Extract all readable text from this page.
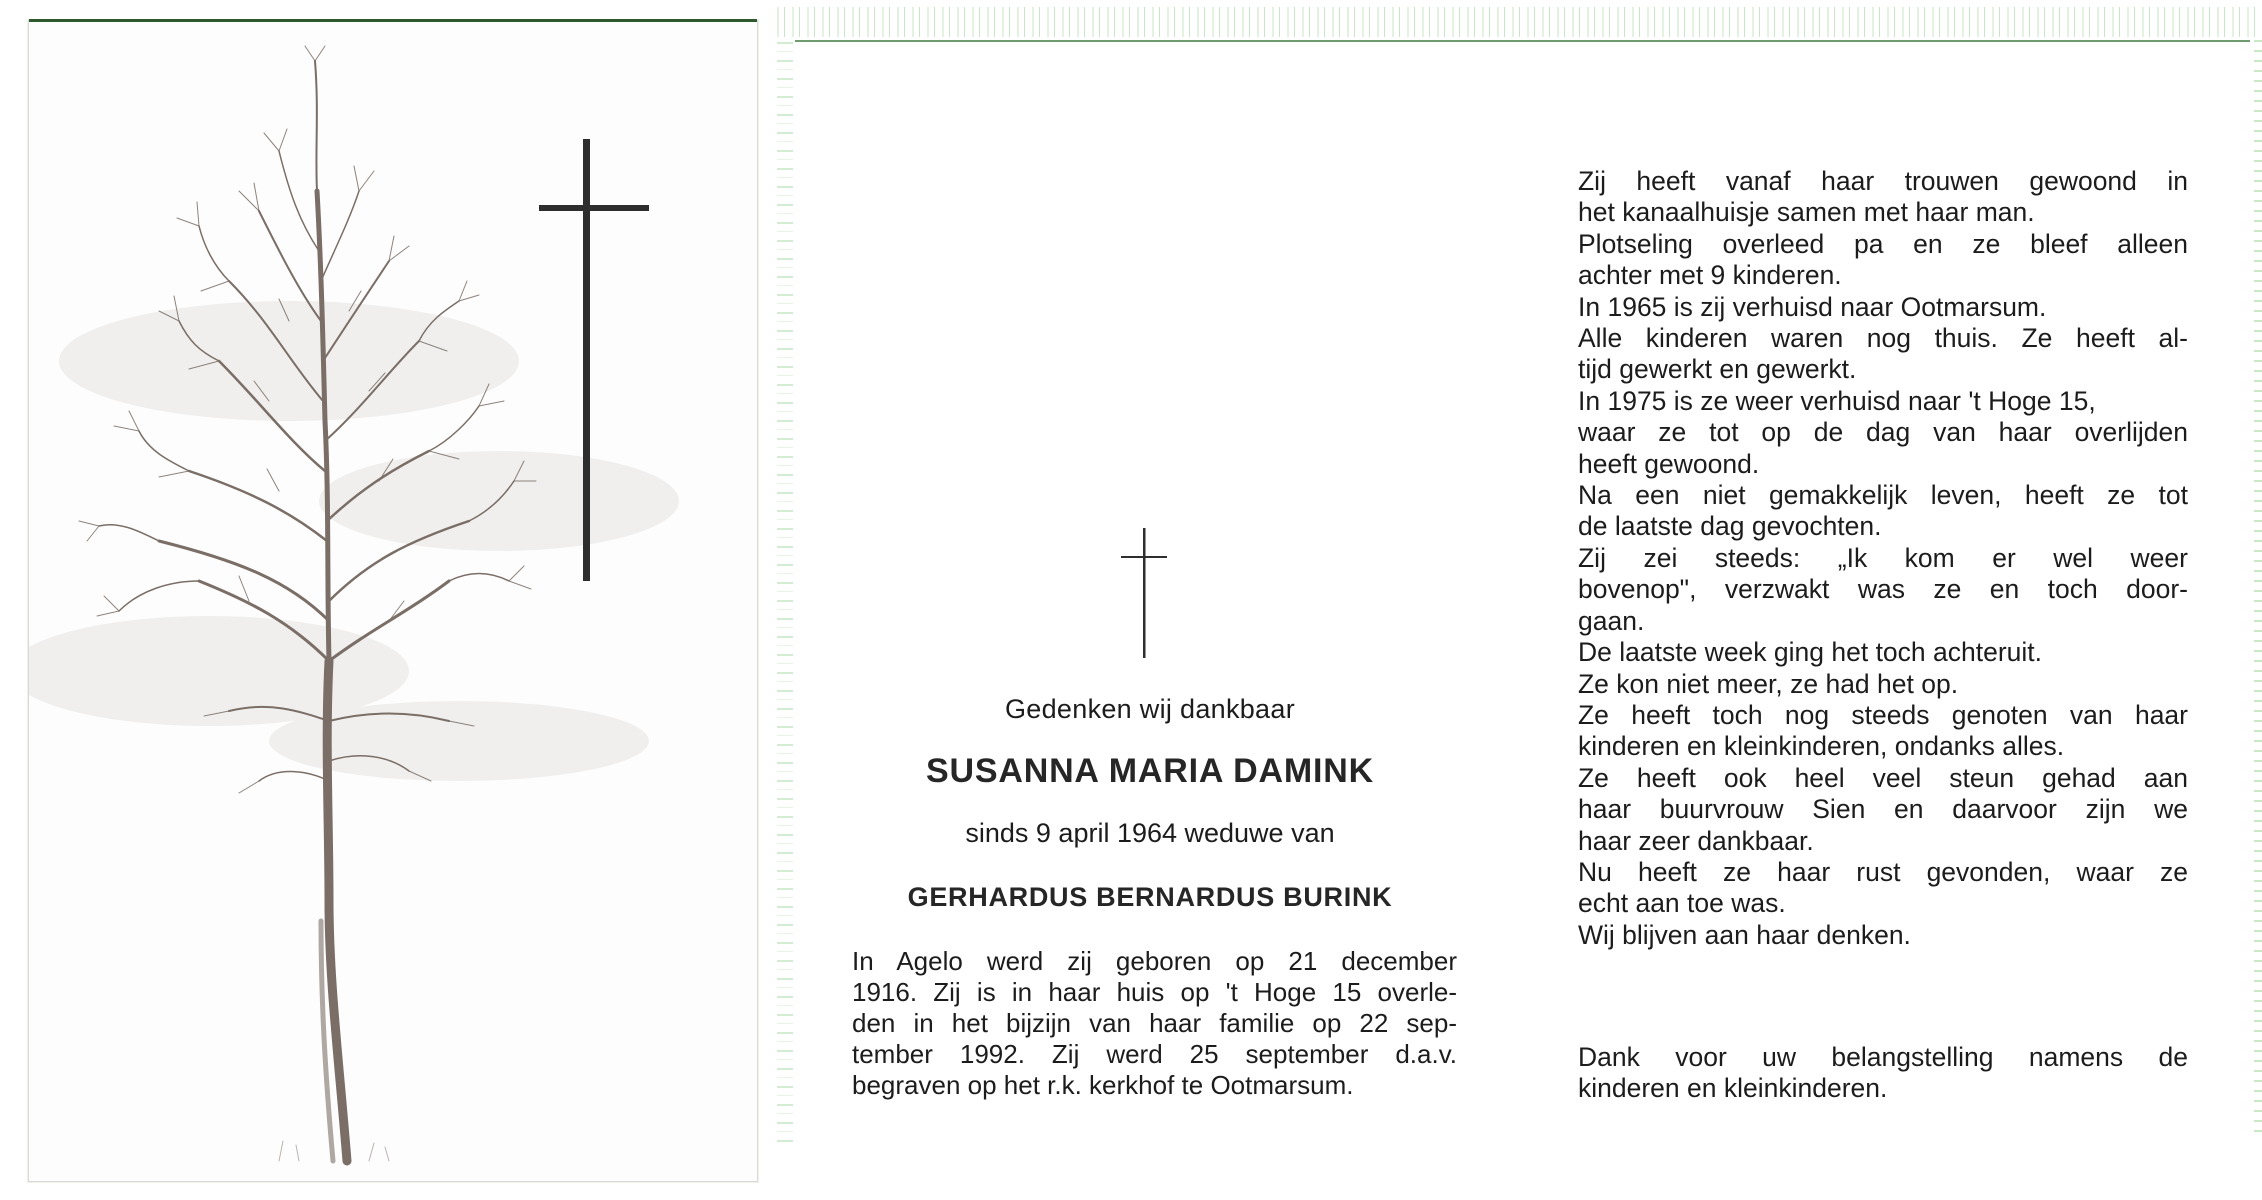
Gedenken wij dankbaar
SUSANNA MARIA DAMINK
sinds 9 april 1964 weduwe van
GERHARDUS BERNARDUS BURINK
In Agelo werd zij geboren op 21 december
1916. Zij is in haar huis op 't Hoge 15 overle-
den in het bijzijn van haar familie op 22 sep-
tember 1992. Zij werd 25 september d.a.v.
begraven op het r.k. kerkhof te Ootmarsum.
Zij heeft vanaf haar trouwen gewoond in
het kanaalhuisje samen met haar man.
Plotseling overleed pa en ze bleef alleen
achter met 9 kinderen.
In 1965 is zij verhuisd naar Ootmarsum.
Alle kinderen waren nog thuis. Ze heeft al-
tijd gewerkt en gewerkt.
In 1975 is ze weer verhuisd naar 't Hoge 15,
waar ze tot op de dag van haar overlijden
heeft gewoond.
Na een niet gemakkelijk leven, heeft ze tot
de laatste dag gevochten.
Zij zei steeds: „Ik kom er wel weer
bovenop", verzwakt was ze en toch door-
gaan.
De laatste week ging het toch achteruit.
Ze kon niet meer, ze had het op.
Ze heeft toch nog steeds genoten van haar
kinderen en kleinkinderen, ondanks alles.
Ze heeft ook heel veel steun gehad aan
haar buurvrouw Sien en daarvoor zijn we
haar zeer dankbaar.
Nu heeft ze haar rust gevonden, waar ze
echt aan toe was.
Wij blijven aan haar denken.
Dank voor uw belangstelling namens de
kinderen en kleinkinderen.
